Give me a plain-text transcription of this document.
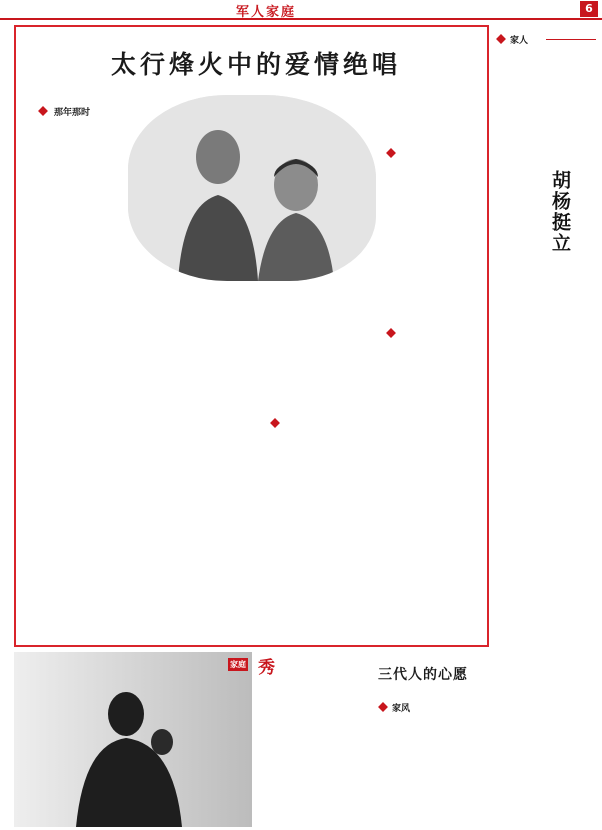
军人家庭	6
太行烽火中的爱情绝唱
那年那时
家人
胡杨挺立
家庭 秀	三代人的心愿
家风
